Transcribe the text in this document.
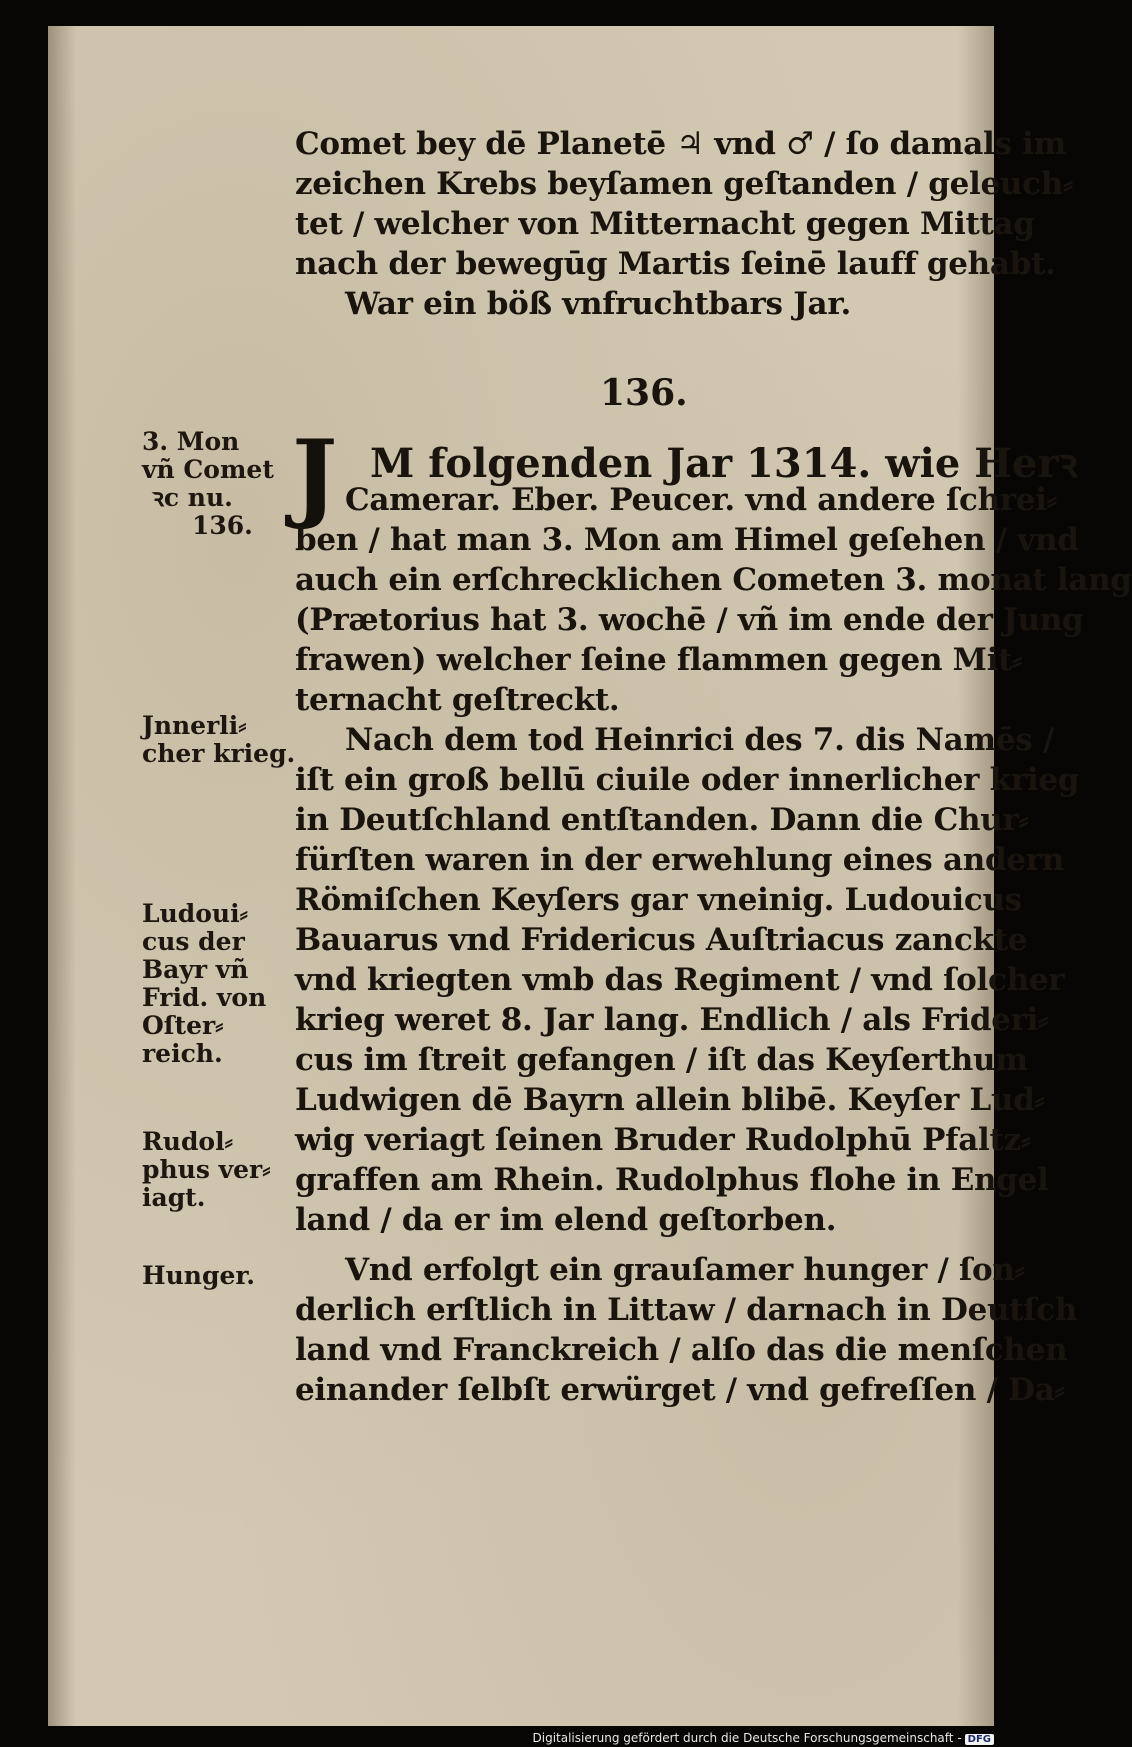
Comet bey dē Planetē ♃ vnd ♂ / ſo damals im
zeichen Krebs beyſamen geſtanden / geleuch⸗
tet / welcher von Mitternacht gegen Mittag
nach der bewegūg Martis ſeinē lauff gehabt.
War ein böß vnfruchtbars Jar.
136.
J M folgenden Jar 1314. wie Herꝛ
Camerar. Eber. Peucer. vnd andere ſchrei⸗
ben / hat man 3. Mon am Himel geſehen / vnd
auch ein erſchrecklichen Cometen 3. monat lang
(Prætorius hat 3. wochē / vñ im ende der Jung
frawen) welcher ſeine flammen gegen Mit⸗
ternacht geſtreckt.
Nach dem tod Heinrici des 7. dis Namēs /
iſt ein groß bellū ciuile oder innerlicher krieg
in Deutſchland entſtanden. Dann die Chur⸗
fürſten waren in der erwehlung eines andern
Römiſchen Keyſers gar vneinig. Ludouicus
Bauarus vnd Fridericus Auſtriacus zanckte
vnd kriegten vmb das Regiment / vnd ſolcher
krieg weret 8. Jar lang. Endlich / als Frideri⸗
cus im ſtreit gefangen / iſt das Keyſerthum
Ludwigen dē Bayrn allein blibē. Keyſer Lud⸗
wig veriagt ſeinen Bruder Rudolphū Pfaltz⸗
graffen am Rhein. Rudolphus flohe in Engel
land / da er im elend geſtorben.
Vnd erfolgt ein grauſamer hunger / ſon⸗
derlich erſtlich in Littaw / darnach in Deutſch
land vnd Franckreich / alſo das die menſchen
einander ſelbſt erwürget / vnd gefreſſen / Da⸗
3. Mon
vñ Comet
ꝛc nu.
136.
Jnnerli⸗
cher krieg.
Ludoui⸗
cus der
Bayr vñ
Frid. von
Oſter⸗
reich.
Rudol⸗
phus ver⸗
iagt.
Hunger.
Digitalisierung gefördert durch die Deutsche Forschungsgemeinschaft - DFG
